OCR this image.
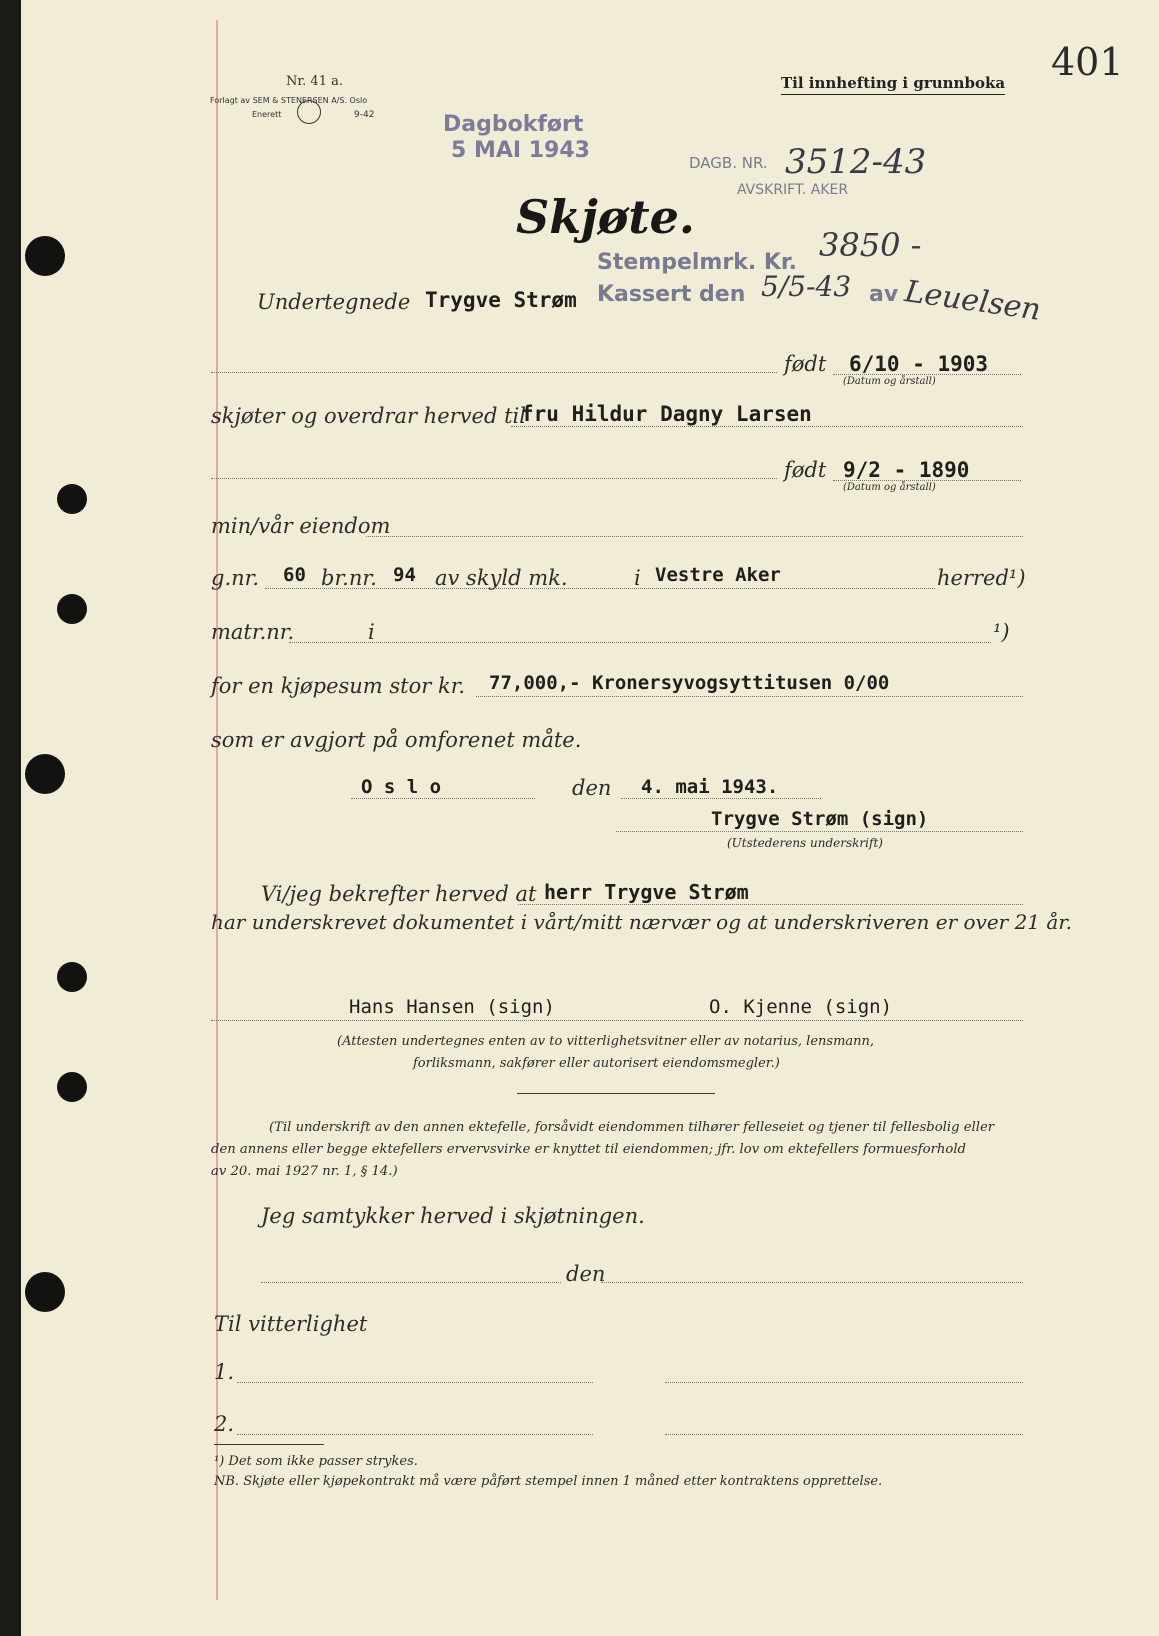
Nr. 41 a.
Forlagt av SEM & STENERSEN A/S. Oslo
Enerett	9-42
Til innhefting i grunnboka 401
Dagbokført
5 MAI 1943	DAGB. NR. 3512-43
AVSKRIFT. AKER
Stempelmrk. Kr. 3850 -
Kassert den 5/5-43 av Leuelsen
Skjøte.
Undertegnede Trygve Strøm
født 6/10 - 1903
(Datum og årstall)
skjøter og overdrar herved til
fru Hildur Dagny Larsen
født 9/2 - 1890
(Datum og årstall)
min/vår eiendom
g.nr. 60 br.nr. 94 av skyld mk.	i Vestre Aker	herred¹)
matr.nr.	i	¹)
for en kjøpesum stor kr. 77,000,- Kronersyvogsyttitusen 0/00
som er avgjort på omforenet måte.
O s l o	den 4. mai 1943.
Trygve Strøm (sign)
(Utstederens underskrift)
Vi/jeg bekrefter herved at herr Trygve Strøm
har underskrevet dokumentet i vårt/mitt nærvær og at underskriveren er over 21 år.
Hans Hansen (sign)	O. Kjenne (sign)
(Attesten undertegnes enten av to vitterlighetsvitner eller av notarius, lensmann,
forliksmann, sakfører eller autorisert eiendomsmegler.)
(Til underskrift av den annen ektefelle, forsåvidt eiendommen tilhører felleseiet og tjener til fellesbolig eller
den annens eller begge ektefellers ervervsvirke er knyttet til eiendommen; jfr. lov om ektefellers formuesforhold
av 20. mai 1927 nr. 1, § 14.)
Jeg samtykker herved i skjøtningen.
den
Til vitterlighet
1.
2.
¹) Det som ikke passer strykes.
NB. Skjøte eller kjøpekontrakt må være påført stempel innen 1 måned etter kontraktens opprettelse.
